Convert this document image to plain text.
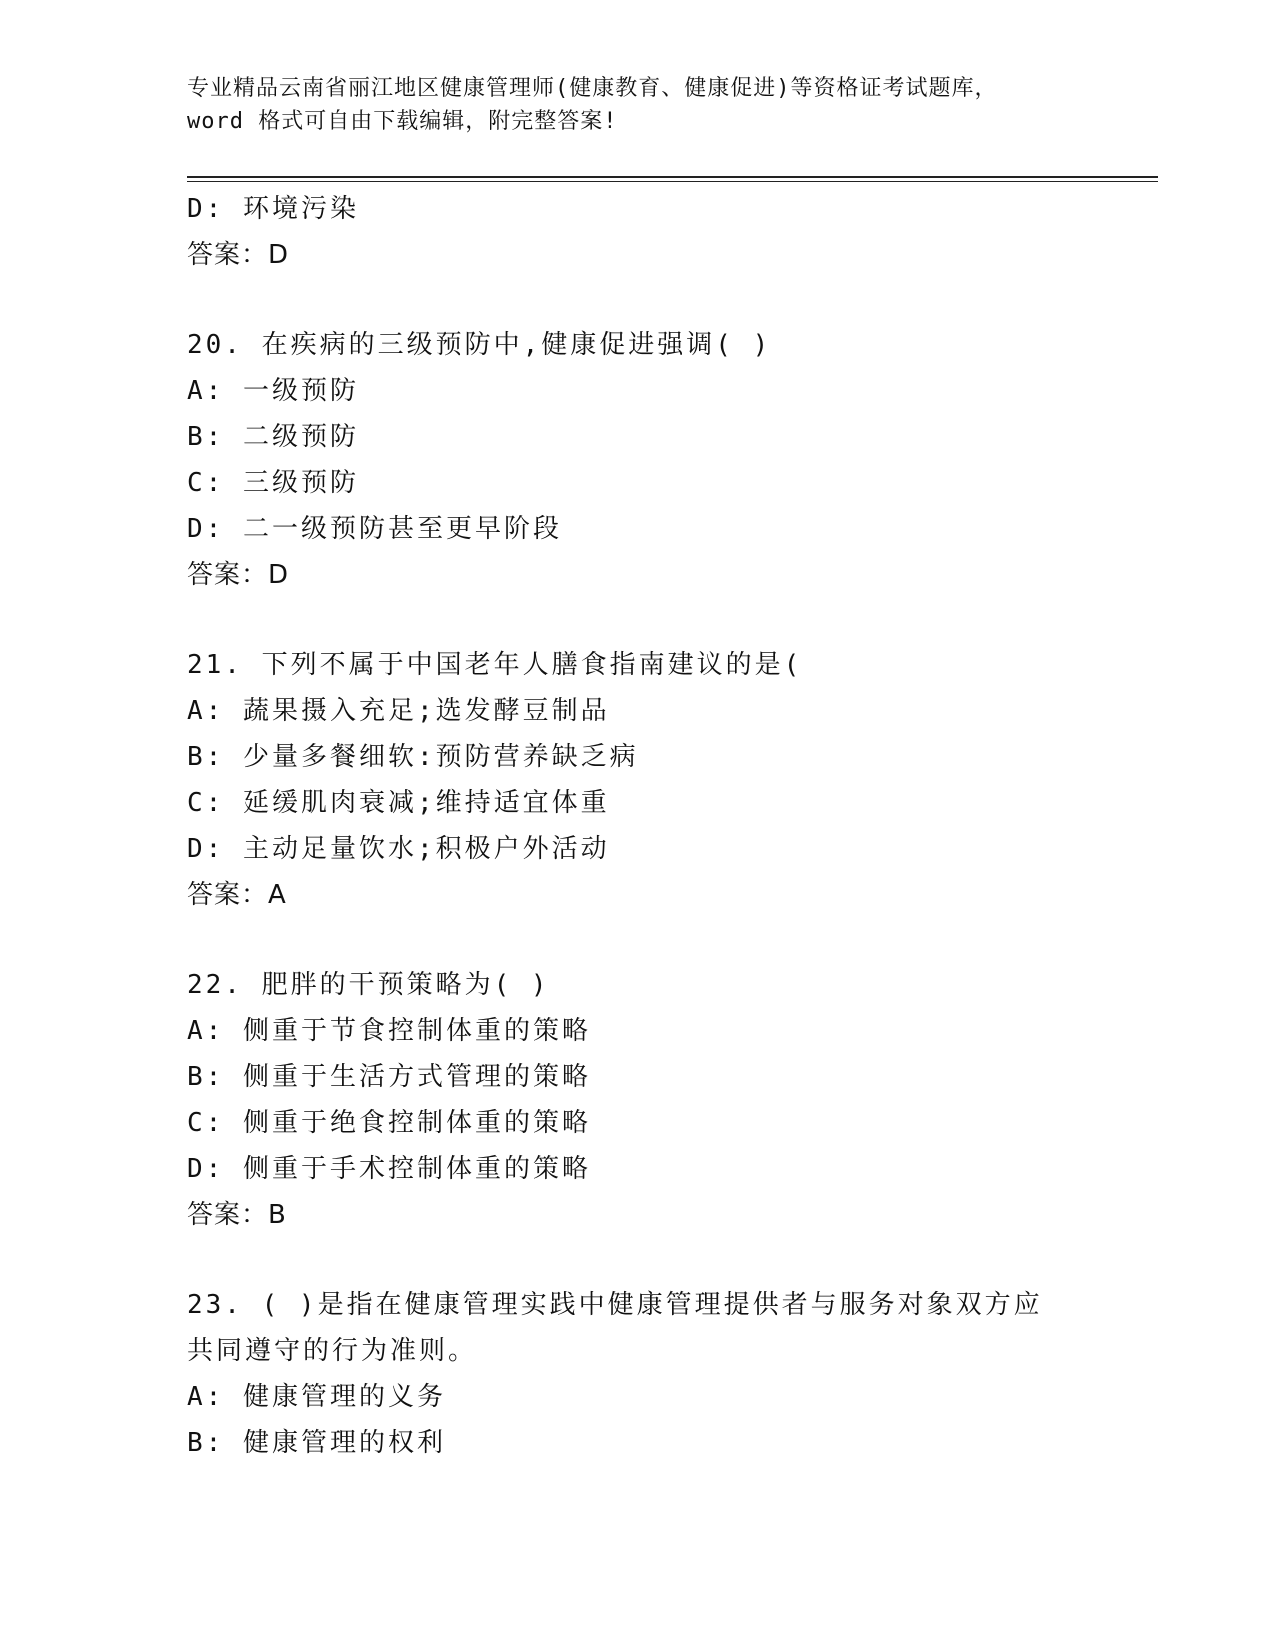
专业精品云南省丽江地区健康管理师(健康教育、健康促进)等资格证考试题库，
word 格式可自由下载编辑，附完整答案!
D: 环境污染
答案：D
20. 在疾病的三级预防中,健康促进强调( )
A: 一级预防
B: 二级预防
C: 三级预防
D: 二一级预防甚至更早阶段
答案：D
21. 下列不属于中国老年人膳食指南建议的是(
A: 蔬果摄入充足;选发酵豆制品
B: 少量多餐细软:预防营养缺乏病
C: 延缓肌肉衰减;维持适宜体重
D: 主动足量饮水;积极户外活动
答案：A
22. 肥胖的干预策略为( )
A: 侧重于节食控制体重的策略
B: 侧重于生活方式管理的策略
C: 侧重于绝食控制体重的策略
D: 侧重于手术控制体重的策略
答案：B
23. ( )是指在健康管理实践中健康管理提供者与服务对象双方应
共同遵守的行为准则。
A: 健康管理的义务
B: 健康管理的权利
